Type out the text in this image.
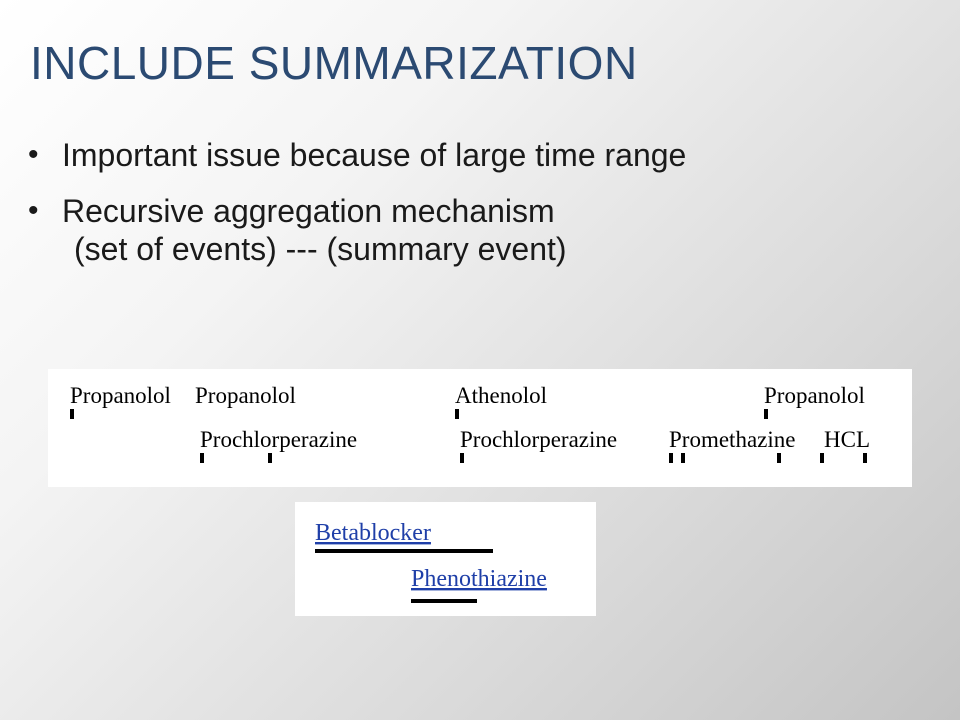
INCLUDE SUMMARIZATION
• Important issue because of large time range
• Recursive aggregation mechanism
(set of events) --- (summary event)
Propanolol Propanolol	Athenolol	Propanolol
Prochlorperazine	Prochlorperazine Promethazine HCL
Betablocker
Phenothiazine
